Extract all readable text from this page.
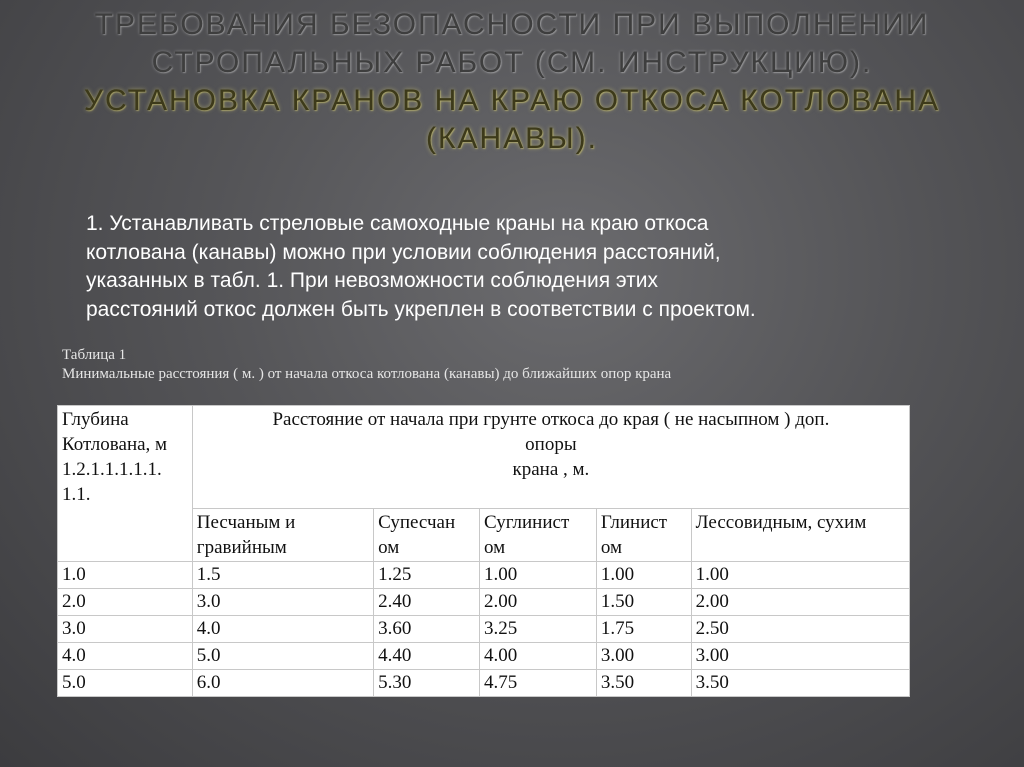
ТРЕБОВАНИЯ БЕЗОПАСНОСТИ ПРИ ВЫПОЛНЕНИИ
СТРОПАЛЬНЫХ РАБОТ (СМ. ИНСТРУКЦИЮ).
УСТАНОВКА КРАНОВ НА КРАЮ ОТКОСА КОТЛОВАНА
(КАНАВЫ).

1. Устанавливать стреловые самоходные краны на краю откоса
котлована (канавы) можно при условии соблюдения расстояний,
указанных в табл. 1. При невозможности соблюдения этих
расстояний откос должен быть укреплен в соответствии с проектом.

Таблица 1
Минимальные расстояния ( м. ) от начала откоса котлована (канавы) до ближайших опор крана
Глубина
Котлована, м
1.2.1.1.1.1.1.
1.1.	Расстояние от начала при грунте откоса до края ( не насыпном ) доп.
опоры
крана , м.				
	Песчаным и
гравийным	Супесчан
ом	Суглинист
ом	Глинист
ом	Лессовидным, сухим
1.0	1.5	1.25	1.00	1.00	1.00
2.0	3.0	2.40	2.00	1.50	2.00
3.0	4.0	3.60	3.25	1.75	2.50
4.0	5.0	4.40	4.00	3.00	3.00
5.0	6.0	5.30	4.75	3.50	3.50
